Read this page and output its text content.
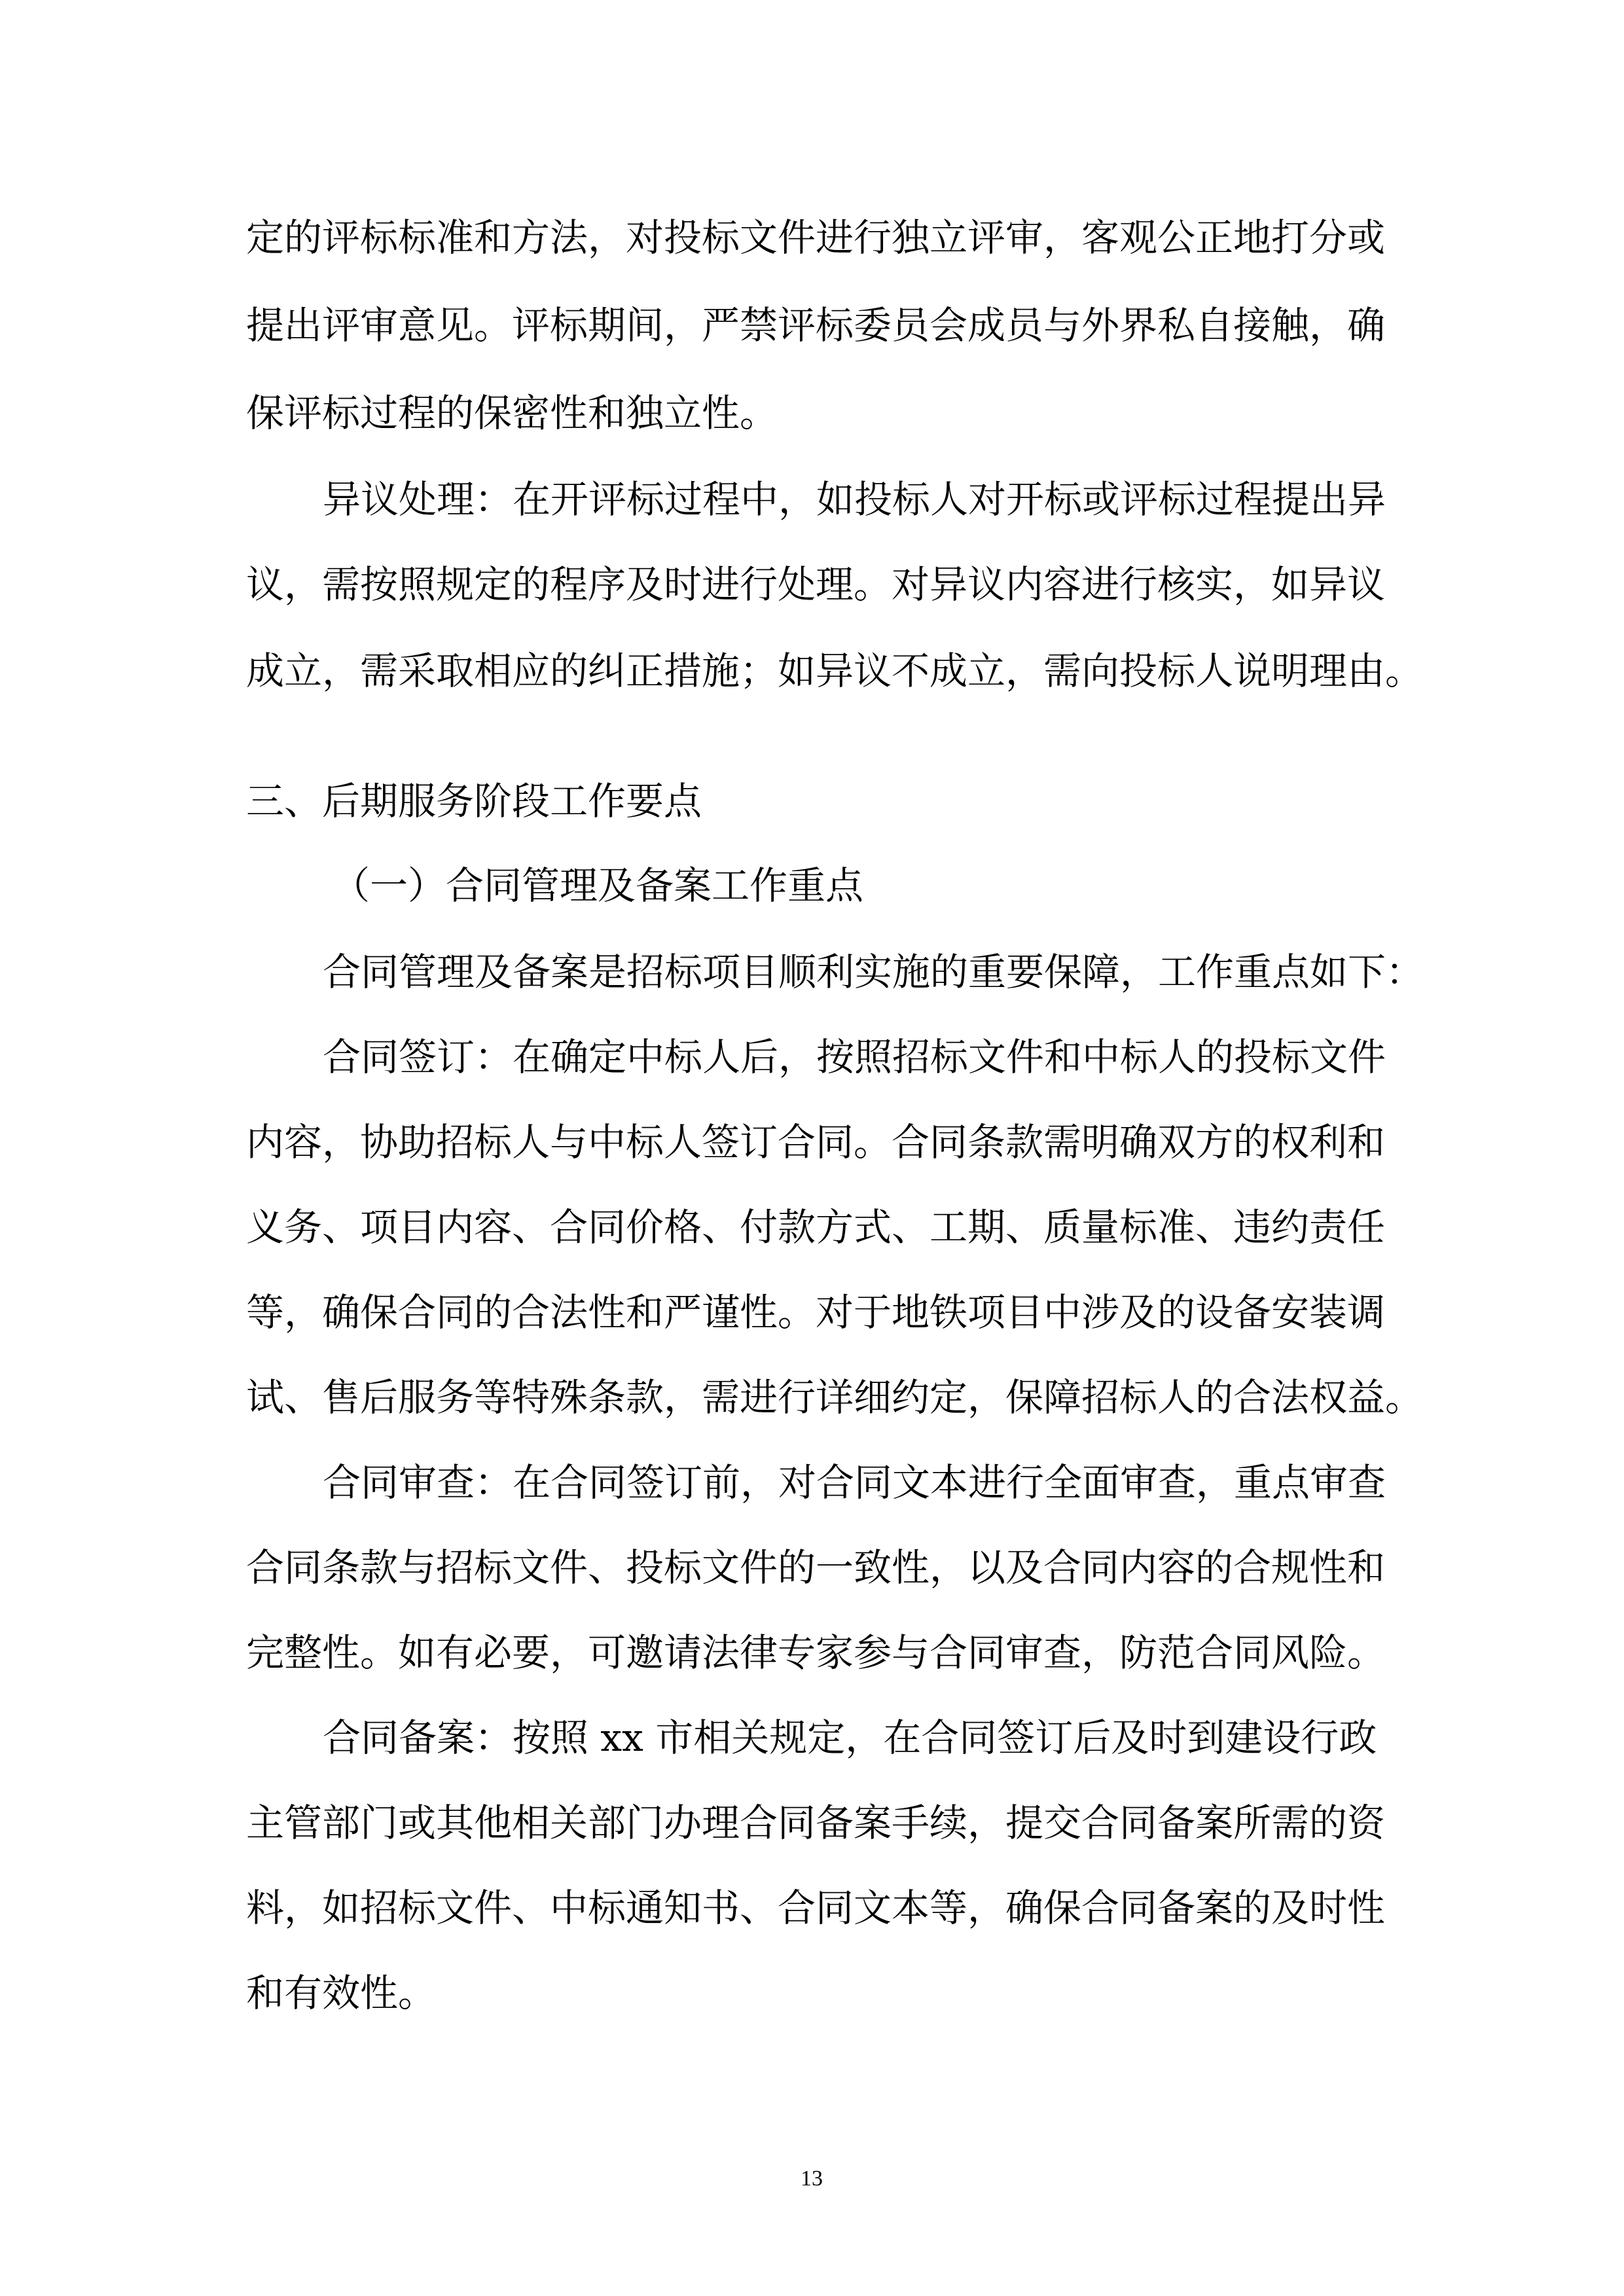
定的评标标准和方法，对投标文件进行独立评审，客观公正地打分或
提出评审意见。评标期间，严禁评标委员会成员与外界私自接触，确
保评标过程的保密性和独立性。
异议处理：在开评标过程中，如投标人对开标或评标过程提出异
议，需按照规定的程序及时进行处理。对异议内容进行核实，如异议
成立，需采取相应的纠正措施；如异议不成立，需向投标人说明理由。
三、后期服务阶段工作要点
（一）合同管理及备案工作重点
合同管理及备案是招标项目顺利实施的重要保障，工作重点如下：
合同签订：在确定中标人后，按照招标文件和中标人的投标文件
内容，协助招标人与中标人签订合同。合同条款需明确双方的权利和
义务、项目内容、合同价格、付款方式、工期、质量标准、违约责任
等，确保合同的合法性和严谨性。对于地铁项目中涉及的设备安装调
试、售后服务等特殊条款，需进行详细约定，保障招标人的合法权益。
合同审查：在合同签订前，对合同文本进行全面审查，重点审查
合同条款与招标文件、投标文件的一致性，以及合同内容的合规性和
完整性。如有必要，可邀请法律专家参与合同审查，防范合同风险。
合同备案：按照 xx 市相关规定，在合同签订后及时到建设行政
主管部门或其他相关部门办理合同备案手续，提交合同备案所需的资
料，如招标文件、中标通知书、合同文本等，确保合同备案的及时性
和有效性。
13
